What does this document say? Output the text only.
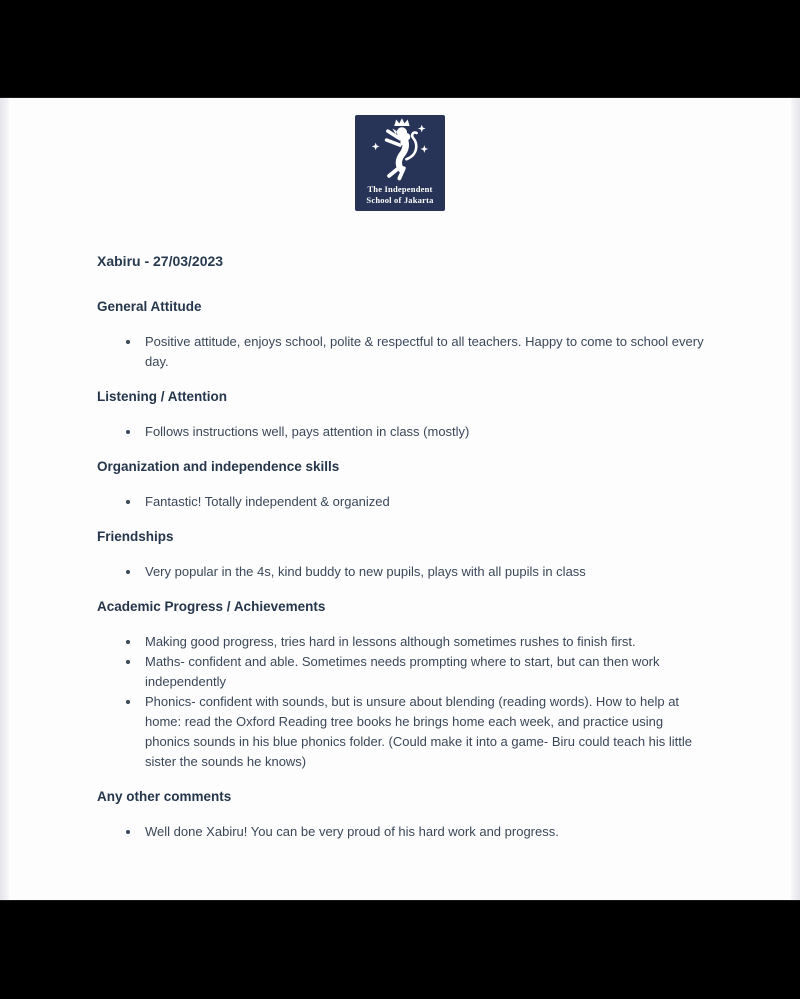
The Independent
School of Jakarta
Xabiru - 27/03/2023
General Attitude
• Positive attitude, enjoys school, polite & respectful to all teachers. Happy to come to school every day.
Listening / Attention
• Follows instructions well, pays attention in class (mostly)
Organization and independence skills
• Fantastic! Totally independent & organized
Friendships
• Very popular in the 4s, kind buddy to new pupils, plays with all pupils in class
Academic Progress / Achievements
• Making good progress, tries hard in lessons although sometimes rushes to finish first.
• Maths- confident and able. Sometimes needs prompting where to start, but can then work independently
• Phonics- confident with sounds, but is unsure about blending (reading words). How to help at home: read the Oxford Reading tree books he brings home each week, and practice using phonics sounds in his blue phonics folder. (Could make it into a game- Biru could teach his little sister the sounds he knows)
Any other comments
• Well done Xabiru! You can be very proud of his hard work and progress.
